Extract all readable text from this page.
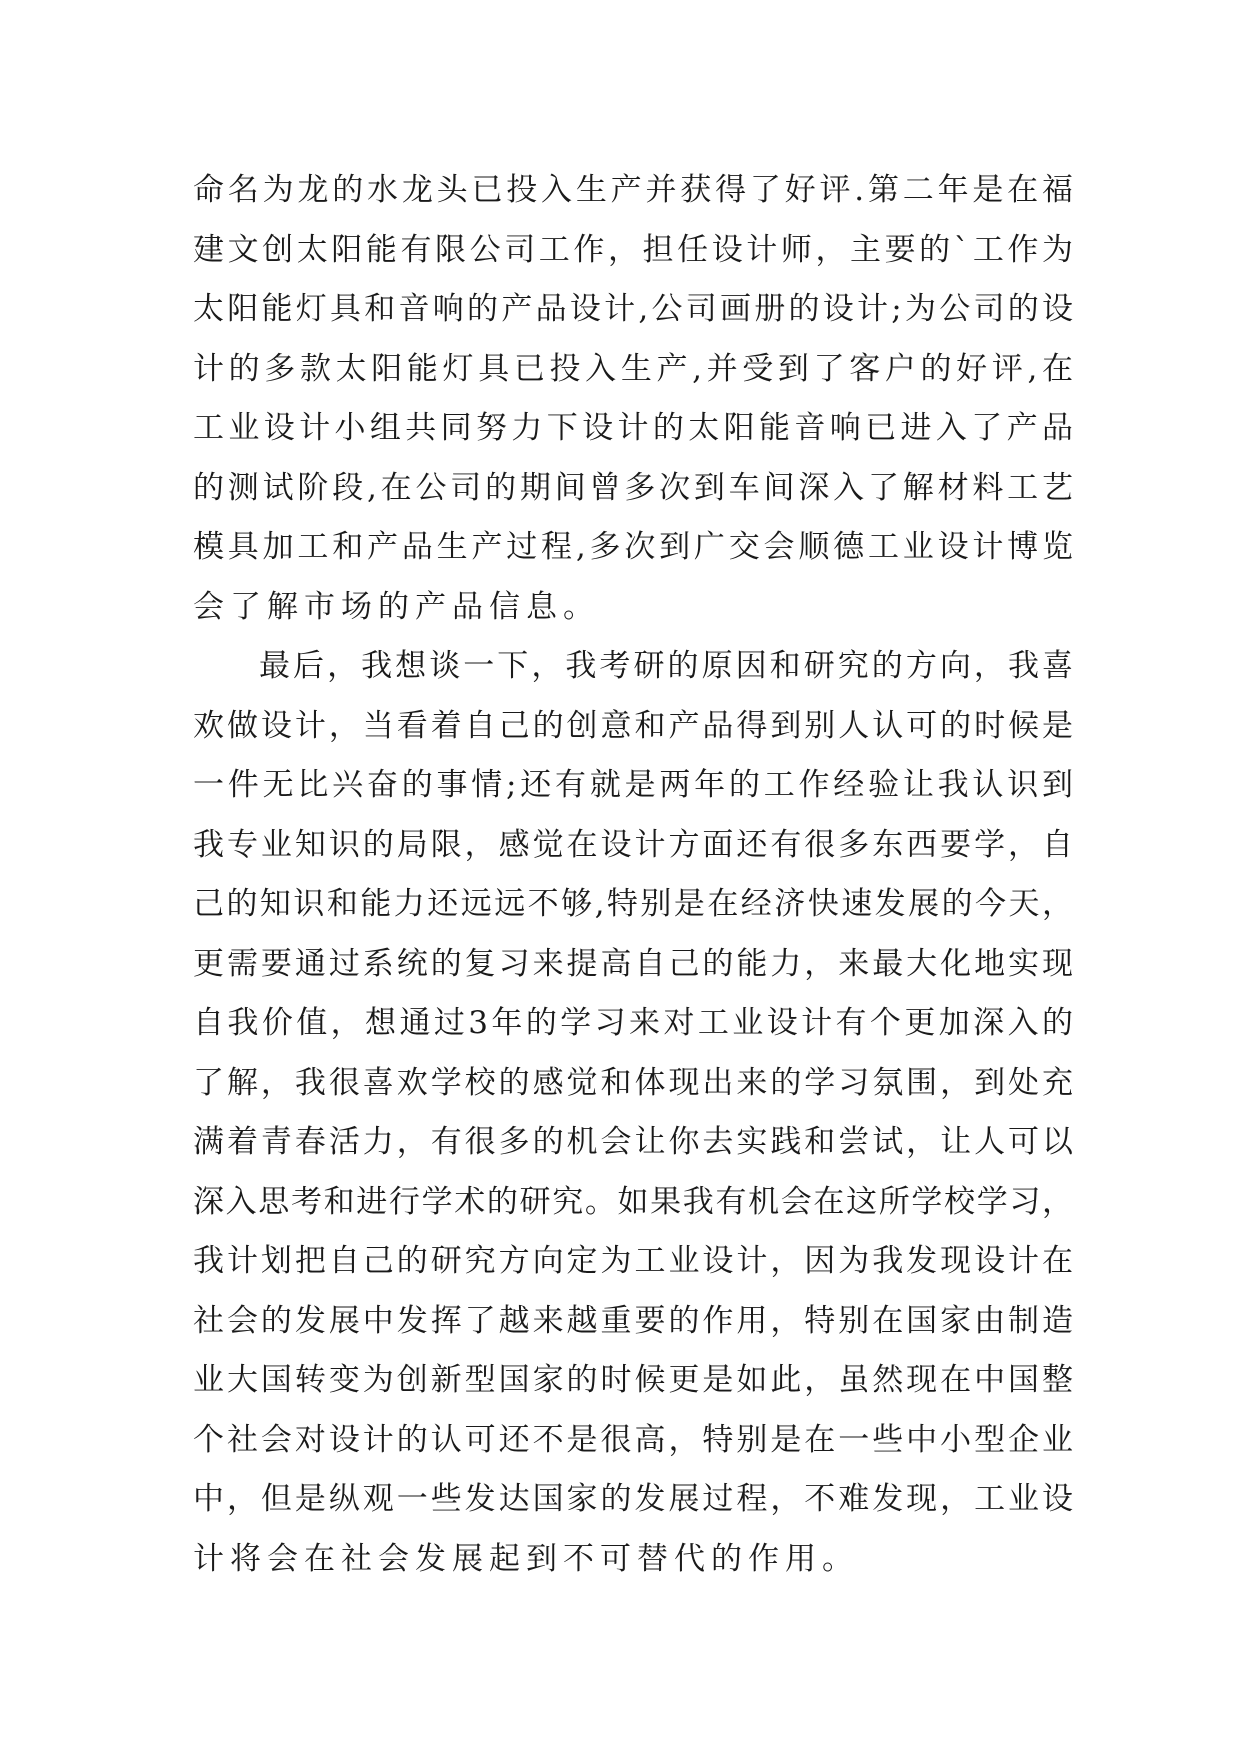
命名为龙的水龙头已投入生产并获得了好评.第二年是在福
建文创太阳能有限公司工作，担任设计师，主要的`工作为
太阳能灯具和音响的产品设计,公司画册的设计;为公司的设
计的多款太阳能灯具已投入生产,并受到了客户的好评,在
工业设计小组共同努力下设计的太阳能音响已进入了产品
的测试阶段,在公司的期间曾多次到车间深入了解材料工艺
模具加工和产品生产过程,多次到广交会顺德工业设计博览
会了解市场的产品信息。
最后，我想谈一下，我考研的原因和研究的方向，我喜
欢做设计，当看着自己的创意和产品得到别人认可的时候是
一件无比兴奋的事情;还有就是两年的工作经验让我认识到
我专业知识的局限，感觉在设计方面还有很多东西要学，自
己的知识和能力还远远不够,特别是在经济快速发展的今天，
更需要通过系统的复习来提高自己的能力，来最大化地实现
自我价值，想通过3年的学习来对工业设计有个更加深入的
了解，我很喜欢学校的感觉和体现出来的学习氛围，到处充
满着青春活力，有很多的机会让你去实践和尝试，让人可以
深入思考和进行学术的研究。如果我有机会在这所学校学习，
我计划把自己的研究方向定为工业设计，因为我发现设计在
社会的发展中发挥了越来越重要的作用，特别在国家由制造
业大国转变为创新型国家的时候更是如此，虽然现在中国整
个社会对设计的认可还不是很高，特别是在一些中小型企业
中，但是纵观一些发达国家的发展过程，不难发现，工业设
计将会在社会发展起到不可替代的作用。
